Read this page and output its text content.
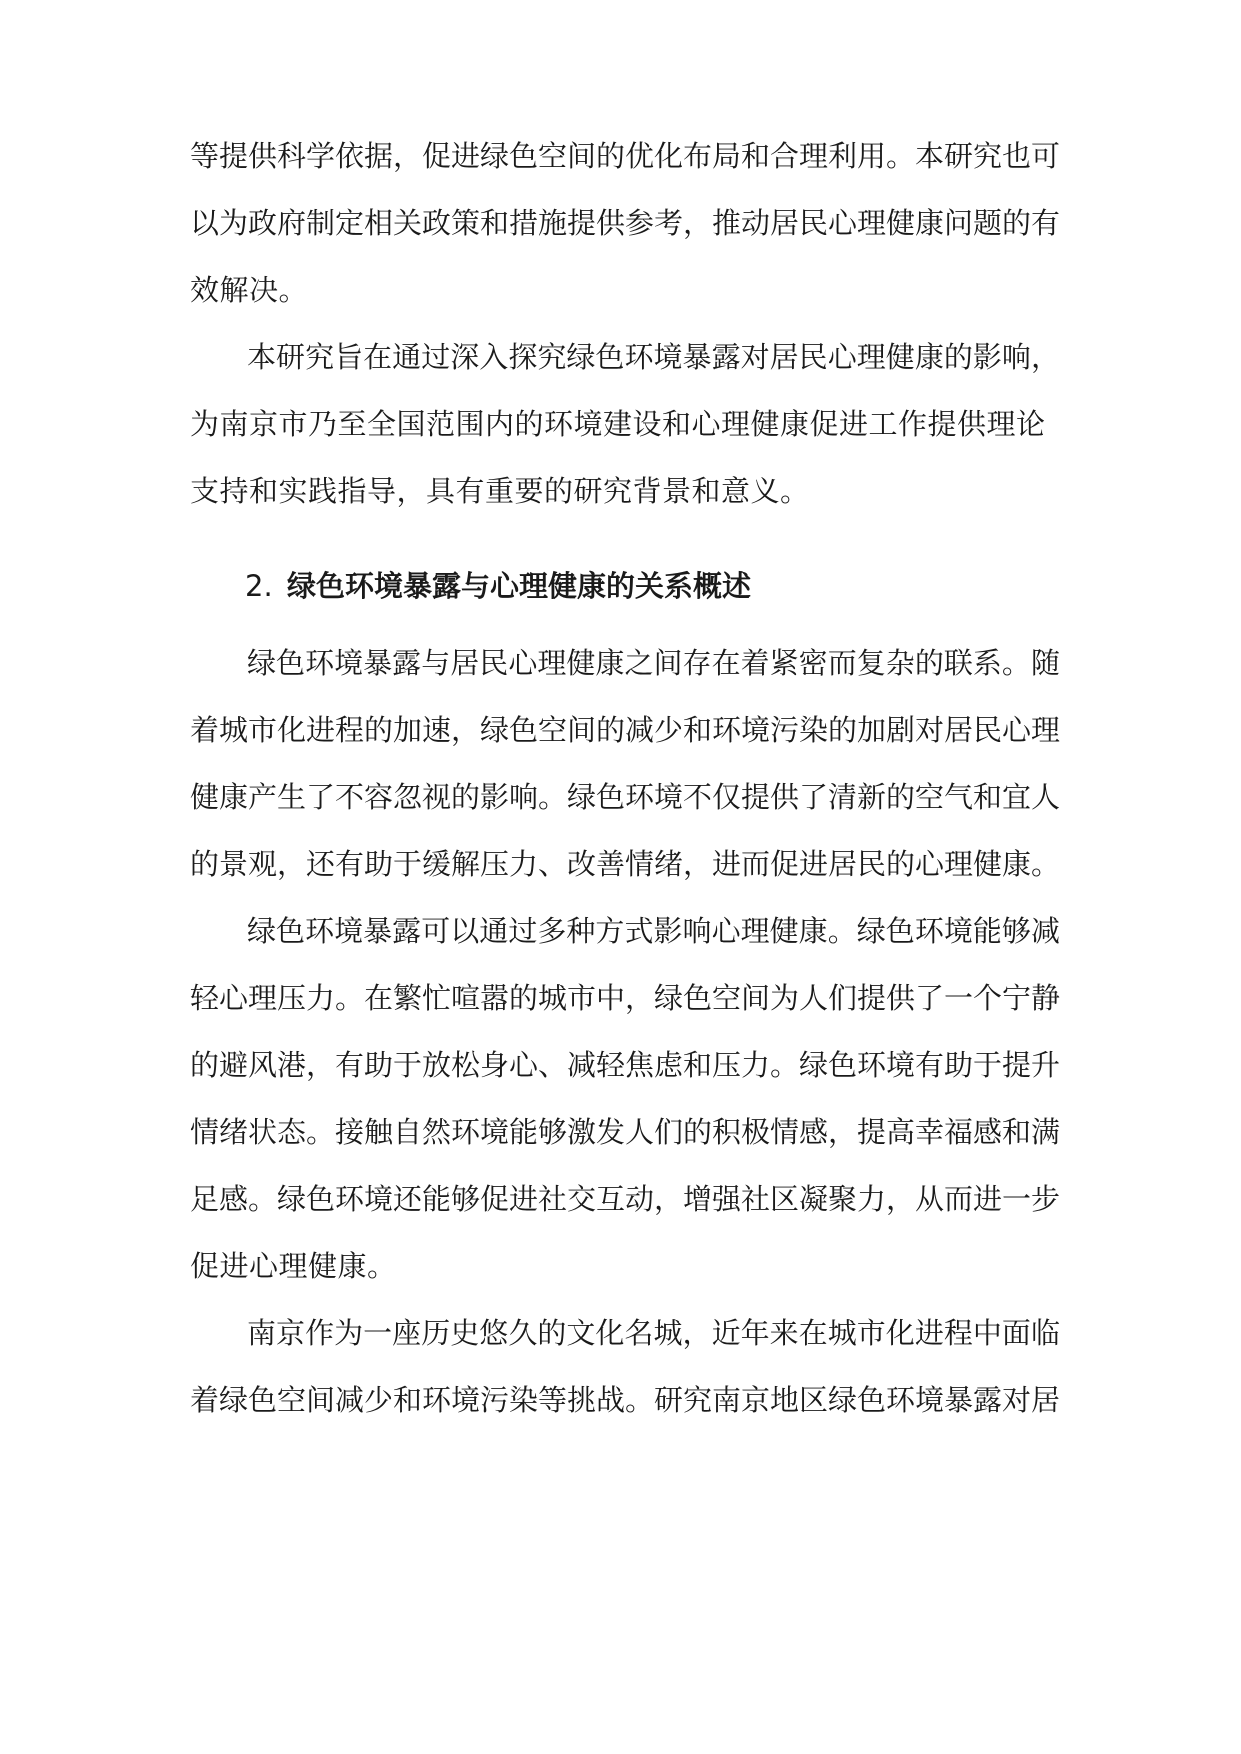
等提供科学依据，促进绿色空间的优化布局和合理利用。本研究也可
以为政府制定相关政策和措施提供参考，推动居民心理健康问题的有
效解决。
本研究旨在通过深入探究绿色环境暴露对居民心理健康的影响，
为南京市乃至全国范围内的环境建设和心理健康促进工作提供理论
支持和实践指导，具有重要的研究背景和意义。
2. 绿色环境暴露与心理健康的关系概述
绿色环境暴露与居民心理健康之间存在着紧密而复杂的联系。随
着城市化进程的加速，绿色空间的减少和环境污染的加剧对居民心理
健康产生了不容忽视的影响。绿色环境不仅提供了清新的空气和宜人
的景观，还有助于缓解压力、改善情绪，进而促进居民的心理健康。
绿色环境暴露可以通过多种方式影响心理健康。绿色环境能够减
轻心理压力。在繁忙喧嚣的城市中，绿色空间为人们提供了一个宁静
的避风港，有助于放松身心、减轻焦虑和压力。绿色环境有助于提升
情绪状态。接触自然环境能够激发人们的积极情感，提高幸福感和满
足感。绿色环境还能够促进社交互动，增强社区凝聚力，从而进一步
促进心理健康。
南京作为一座历史悠久的文化名城，近年来在城市化进程中面临
着绿色空间减少和环境污染等挑战。研究南京地区绿色环境暴露对居
